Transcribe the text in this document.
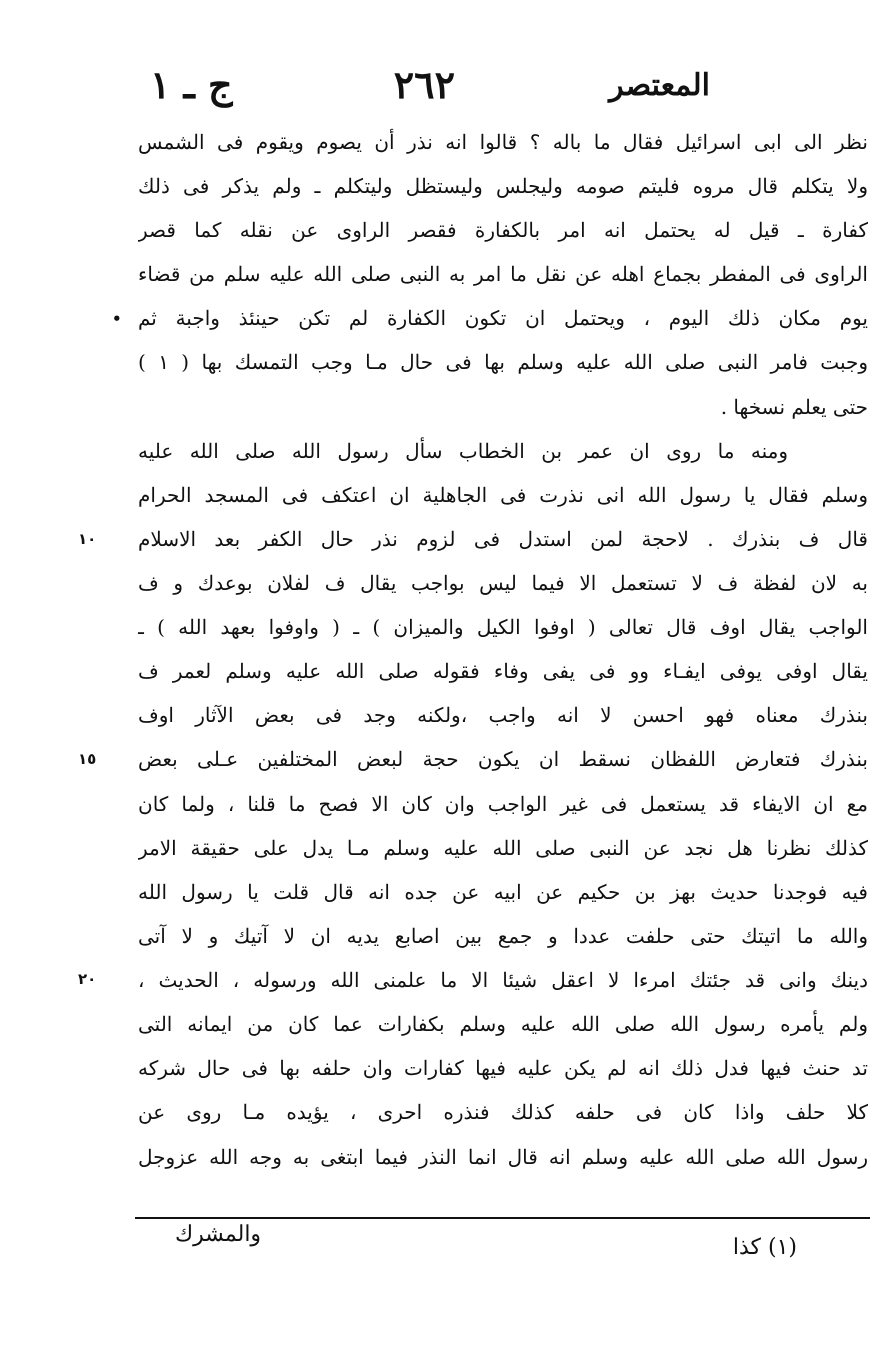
المعتصر
٢٦٢
ج ـ ١
نظر الى ابى اسرائيل فقال ما باله ؟ قالوا انه نذر أن يصوم ويقوم فى الشمس
ولا يتكلم قال مروه فليتم صومه وليجلس وليستظل وليتكلم ـ ولم يذكر فى ذلك
كفارة ـ قيل له يحتمل انه امر بالكفارة فقصر الراوى عن نقله كما قصر
الراوى فى المفطر بجماع اهله عن نقل ما امر به النبى صلى الله عليه سلم من قضاء
يوم مكان ذلك اليوم ، ويحتمل ان تكون الكفارة لم تكن حينئذ واجبة ثم
وجبت فامر النبى صلى الله عليه وسلم بها فى حال مـا وجب التمسك بها ( ١ )
حتى يعلم نسخها .
ومنه ما روى ان عمر بن الخطاب سأل رسول الله صلى الله عليه
وسلم فقال يا رسول الله انى نذرت فى الجاهلية ان اعتكف فى المسجد الحرام
قال ف بنذرك . لاحجة لمن استدل فى لزوم نذر حال الكفر بعد الاسلام
به لان لفظة ف لا تستعمل الا فيما ليس بواجب يقال ف لفلان بوعدك و ف
الواجب يقال اوف قال تعالى ( اوفوا الكيل والميزان ) ـ ( واوفوا بعهد الله ) ـ
يقال اوفى يوفى ايفـاء وو فى يفى وفاء فقوله صلى الله عليه وسلم لعمر ف
بنذرك معناه فهو احسن لا انه واجب ،ولكنه وجد فى بعض الآثار اوف
بنذرك فتعارض اللفظان نسقط ان يكون حجة لبعض المختلفين عـلى بعض
مع ان الايفاء قد يستعمل فى غير الواجب وان كان الا فصح ما قلنا ، ولما كان
كذلك نظرنا هل نجد عن النبى صلى الله عليه وسلم مـا يدل على حقيقة الامر
فيه فوجدنا حديث بهز بن حكيم عن ابيه عن جده انه قال قلت يا رسول الله
والله ما اتيتك حتى حلفت عددا و جمع بين اصابع يديه ان لا آتيك و لا آتى
دينك وانى قد جئتك امرءا لا اعقل شيئا الا ما علمنى الله ورسوله ، الحديث ،
ولم يأمره رسول الله صلى الله عليه وسلم بكفارات عما كان من ايمانه التى
تد حنث فيها فدل ذلك انه لم يكن عليه فيها كفارات وان حلفه بها فى حال شركه
كلا حلف واذا كان فى حلفه كذلك فنذره احرى ، يؤيده مـا روى عن
رسول الله صلى الله عليه وسلم انه قال انما النذر فيما ابتغى به وجه الله عزوجل
•
١٠
١٥
٢٠
والمشرك
(١) كذا
